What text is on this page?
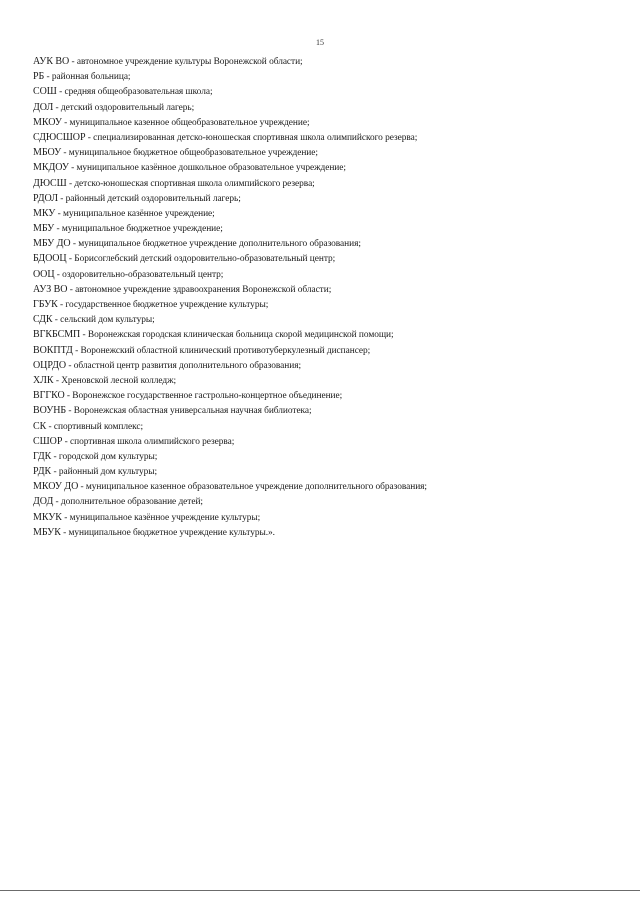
15
АУК ВО - автономное учреждение культуры Воронежской области;
РБ - районная больница;
СОШ - средняя общеобразовательная школа;
ДОЛ - детский оздоровительный лагерь;
МКОУ - муниципальное казенное общеобразовательное учреждение;
СДЮСШОР - специализированная детско-юношеская спортивная школа олимпийского резерва;
МБОУ - муниципальное бюджетное общеобразовательное учреждение;
МКДОУ - муниципальное казённое дошкольное образовательное учреждение;
ДЮСШ - детско-юношеская спортивная школа олимпийского резерва;
РДОЛ - районный детский оздоровительный лагерь;
МКУ - муниципальное казённое учреждение;
МБУ - муниципальное бюджетное учреждение;
МБУ ДО - муниципальное бюджетное учреждение дополнительного образования;
БДООЦ - Борисоглебский детский оздоровительно-образовательный центр;
ООЦ - оздоровительно-образовательный центр;
АУЗ ВО - автономное учреждение здравоохранения Воронежской области;
ГБУК - государственное бюджетное учреждение культуры;
СДК - сельский дом культуры;
ВГКБСМП - Воронежская городская клиническая больница скорой медицинской помощи;
ВОКПТД - Воронежский областной клинический противотуберкулезный диспансер;
ОЦРДО - областной центр развития дополнительного образования;
ХЛК - Хреновской лесной колледж;
ВГГКО - Воронежское государственное гастрольно-концертное объединение;
ВОУНБ - Воронежская областная универсальная научная библиотека;
СК - спортивный комплекс;
СШОР - спортивная школа олимпийского резерва;
ГДК - городской дом культуры;
РДК - районный дом культуры;
МКОУ ДО - муниципальное казенное образовательное учреждение дополнительного образования;
ДОД - дополнительное образование детей;
МКУК - муниципальное казённое учреждение культуры;
МБУК - муниципальное бюджетное учреждение культуры.».
